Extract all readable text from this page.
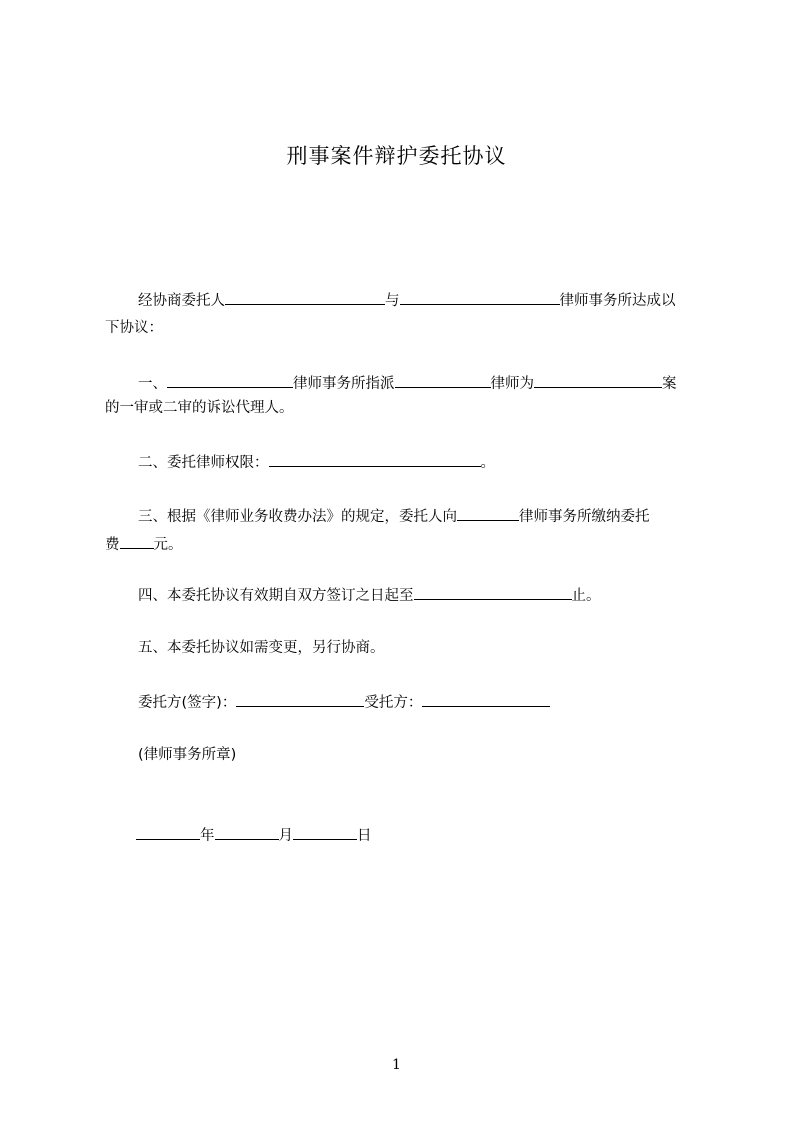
刑事案件辩护委托协议
经协商委托人	与	律师事务所达成以
下协议：
一、	律师事务所指派	律师为	案
的一审或二审的诉讼代理人。
二、委托律师权限：	。
三、根据《律师业务收费办法》的规定，委托人向	律师事务所缴纳委托
费 元。
四、本委托协议有效期自双方签订之日起至	止。
五、本委托协议如需变更，另行协商。
委托方(签字)：	受托方：
(律师事务所章)
年	月	日
1
